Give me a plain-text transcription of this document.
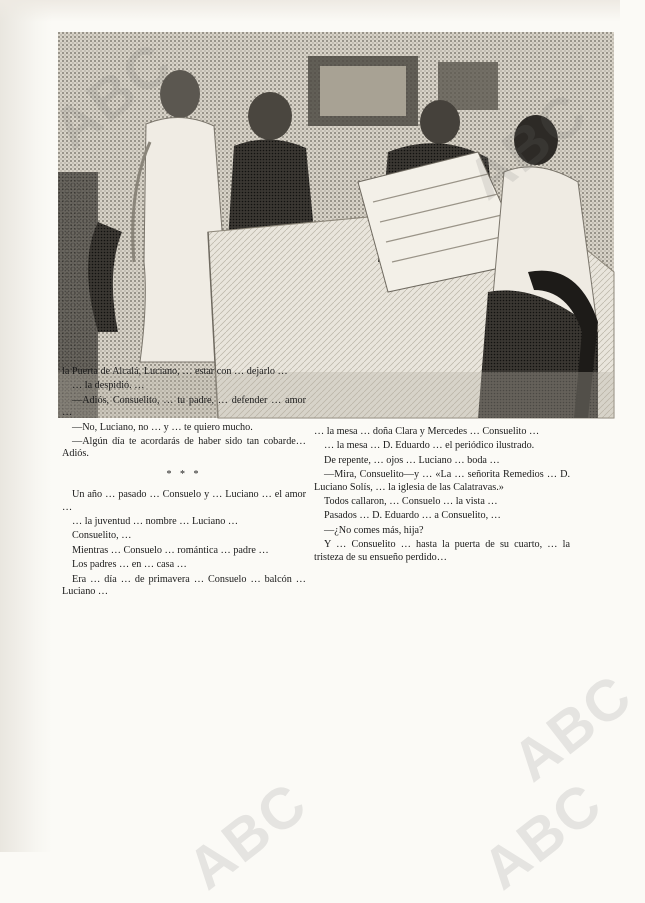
la Puerta de Alcalá, Luciano, … estar con … dejarlo …

… la despidió. …

—Adiós, Consuelito, … tu padre, … defender … amor …

—No, Luciano, no … y … te quiero mucho.

—Algún día te acordarás de haber sido tan cobarde… Adiós.

* * *

Un año … pasado … Consuelo y … Luciano … el amor …

… la juventud … nombre … Luciano …

Consuelito, …

Mientras … Consuelo … romántica … padre …

Los padres … en … casa …

Era … día … de primavera … Consuelo … balcón … Luciano …

… la mesa … doña Clara y Mercedes … Consuelito …

… la mesa … D. Eduardo … el periódico ilustrado.

De repente, … ojos … Luciano … boda …

—Mira, Consuelito—y … «La … señorita Remedios … D. Luciano Solís, … la iglesia de las Calatravas.»

Todos callaron, … Consuelo … la vista …

Pasados … D. Eduardo … a Consuelito, …

—¿No comes más, hija?

Y … Consuelito … hasta la puerta de su cuarto, … la tristeza de su ensueño perdido…

ABC
ABC	ABC
